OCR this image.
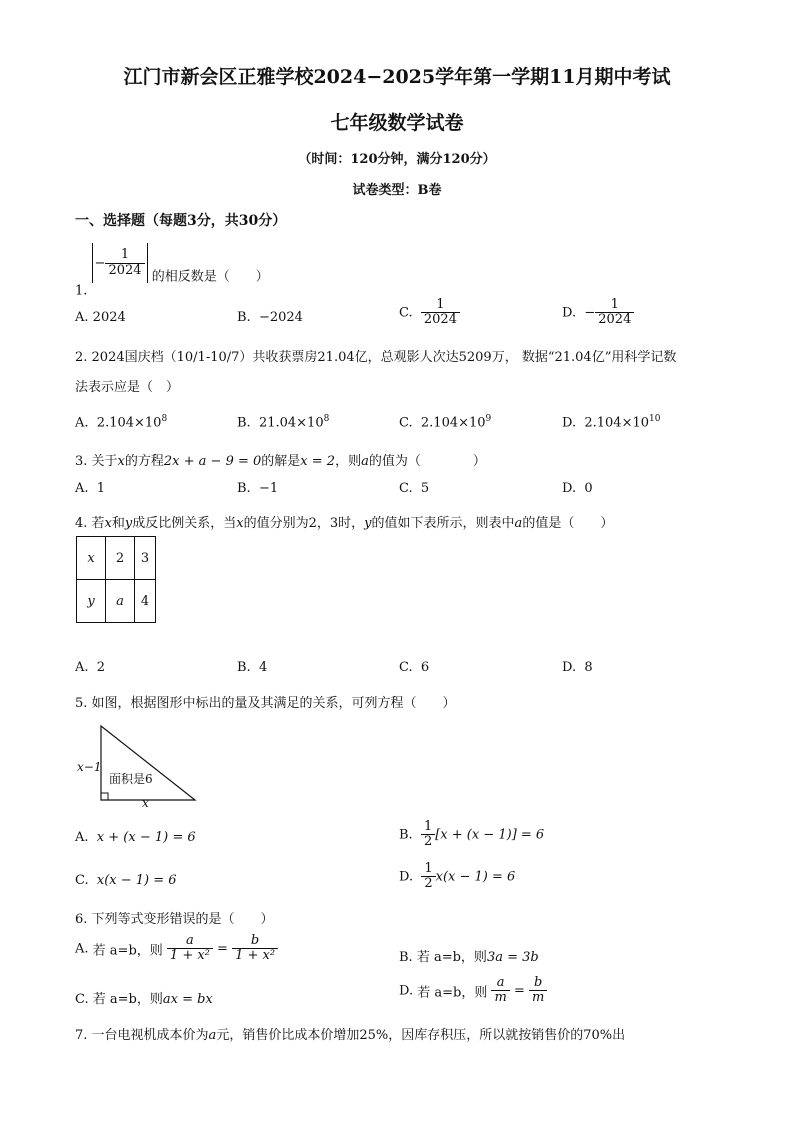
江门市新会区正雅学校2024−2025学年第一学期11月期中考试
七年级数学试卷
（时间：120分钟，满分120分）
试卷类型：B卷
一、选择题（每题3分，共30分）
1.
− $\frac{1}{2024}$ 的相反数是（　　）
A. 2024	B. −2024	C. $\frac{1}{2024}$	D. − $\frac{1}{2024}$
2. 2024国庆档（10/1-10/7）共收获票房21.04亿，总观影人次达5209万， 数据“21.04亿”用科学记数
法表示应是（　）
A. $2.104\times 10^8$	B. $21.04\times 10^8$	C. $2.104\times 10^9$	D. $2.104\times 10^{10}$
3. 关于x的方程2x + a − 9 = 0的解是x = 2，则a的值为（　　　　）
A. 1	B. −1	C. 5	D. 0
4. 若x和y成反比例关系，当x的值分别为2，3时，y的值如下表所示，则表中a的值是（　　）
x	2	3
y	a	4
A. 2	B. 4	C. 6	D. 8
5. 如图，根据图形中标出的量及其满足的关系，可列方程（　　）
x−1
面积是6
x
A. x + (x − 1) = 6	B. $\frac{1}{2} [x + (x - 1)] = 6$
C. x(x − 1) = 6	D. $\frac{1}{2} x(x - 1) = 6$
6. 下列等式变形错误的是（　　）
A. 若 a=b，则 $\frac{a}{\text{1 + x²}} = \frac{b}{\text{1 + x²}}$	B. 若 a=b，则3a = 3b
C. 若 a=b，则ax = bx
D. 若 a=b，则 $\frac{a}{m} = \frac{b}{m}$
7. 一台电视机成本价为a元，销售价比成本价增加25%，因库存积压，所以就按销售价的70%出
